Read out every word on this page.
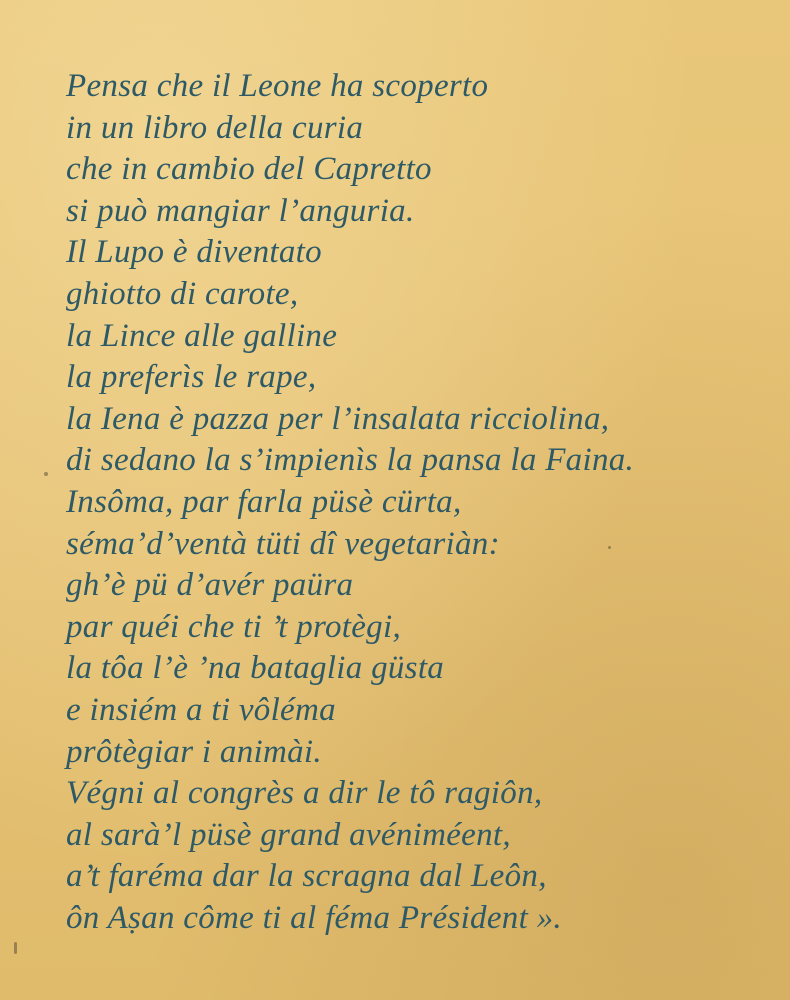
Pensa che il Leone ha scoperto
in un libro della curia
che in cambio del Capretto
si può mangiar l’anguria.
Il Lupo è diventato
ghiotto di carote,
la Lince alle galline
la preferìs le rape,
la Iena è pazza per l’insalata ricciolina,
di sedano la s’impienìs la pansa la Faina.
Insôma, par farla püsè cürta,
séma’d’ventà tüti dî vegetariàn:
gh’è pü d’avér paüra
par quéi che ti ’t protègi,
la tôa l’è ’na bataglia güsta
e insiém a ti vôléma
prôtègiar i animài.
Végni al congrès a dir le tô ragiôn,
al sarà’l püsè grand avéniméent,
a’t faréma dar la scragna dal Leôn,
ôn Aṣan côme ti al féma Président ».
